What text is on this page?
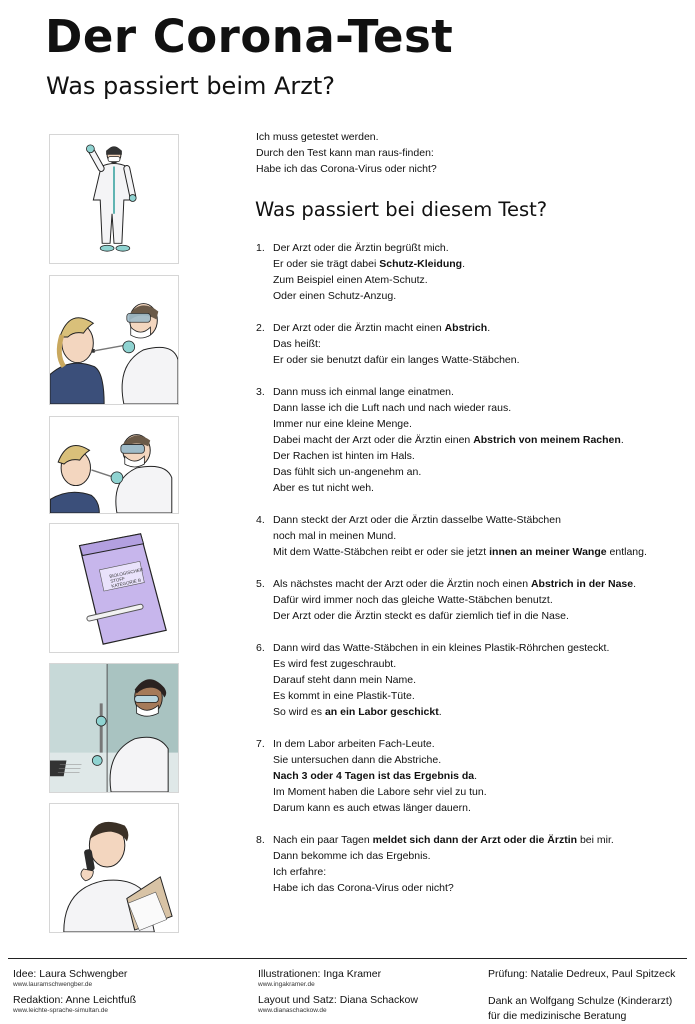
Der Corona-Test
Was passiert beim Arzt?
BIOLOGISCHER STOFF KATEGORIE B
Ich muss getestet werden.
Durch den Test kann man raus-finden:
Habe ich das Corona-Virus oder nicht?
Was passiert bei diesem Test?
1. Der Arzt oder die Ärztin begrüßt mich.
Er oder sie trägt dabei Schutz-Kleidung.
Zum Beispiel einen Atem-Schutz.
Oder einen Schutz-Anzug.
2. Der Arzt oder die Ärztin macht einen Abstrich.
Das heißt:
Er oder sie benutzt dafür ein langes Watte-Stäbchen.
3. Dann muss ich einmal lange einatmen.
Dann lasse ich die Luft nach und nach wieder raus.
Immer nur eine kleine Menge.
Dabei macht der Arzt oder die Ärztin einen Abstrich von meinem Rachen.
Der Rachen ist hinten im Hals.
Das fühlt sich un-angenehm an.
Aber es tut nicht weh.
4. Dann steckt der Arzt oder die Ärztin dasselbe Watte-Stäbchen
noch mal in meinen Mund.
Mit dem Watte-Stäbchen reibt er oder sie jetzt innen an meiner Wange entlang.
5. Als nächstes macht der Arzt oder die Ärztin noch einen Abstrich in der Nase.
Dafür wird immer noch das gleiche Watte-Stäbchen benutzt.
Der Arzt oder die Ärztin steckt es dafür ziemlich tief in die Nase.
6. Dann wird das Watte-Stäbchen in ein kleines Plastik-Röhrchen gesteckt.
Es wird fest zugeschraubt.
Darauf steht dann mein Name.
Es kommt in eine Plastik-Tüte.
So wird es an ein Labor geschickt.
7. In dem Labor arbeiten Fach-Leute.
Sie untersuchen dann die Abstriche.
Nach 3 oder 4 Tagen ist das Ergebnis da.
Im Moment haben die Labore sehr viel zu tun.
Darum kann es auch etwas länger dauern.
8. Nach ein paar Tagen meldet sich dann der Arzt oder die Ärztin bei mir.
Dann bekomme ich das Ergebnis.
Ich erfahre:
Habe ich das Corona-Virus oder nicht?
Idee: Laura Schwengber
www.lauramschwengber.de
Redaktion: Anne Leichtfuß
www.leichte-sprache-simultan.de
Illustrationen: Inga Kramer
www.ingakramer.de
Layout und Satz: Diana Schackow
www.dianaschackow.de
Prüfung: Natalie Dedreux, Paul Spitzeck
Dank an Wolfgang Schulze (Kinderarzt)
für die medizinische Beratung
